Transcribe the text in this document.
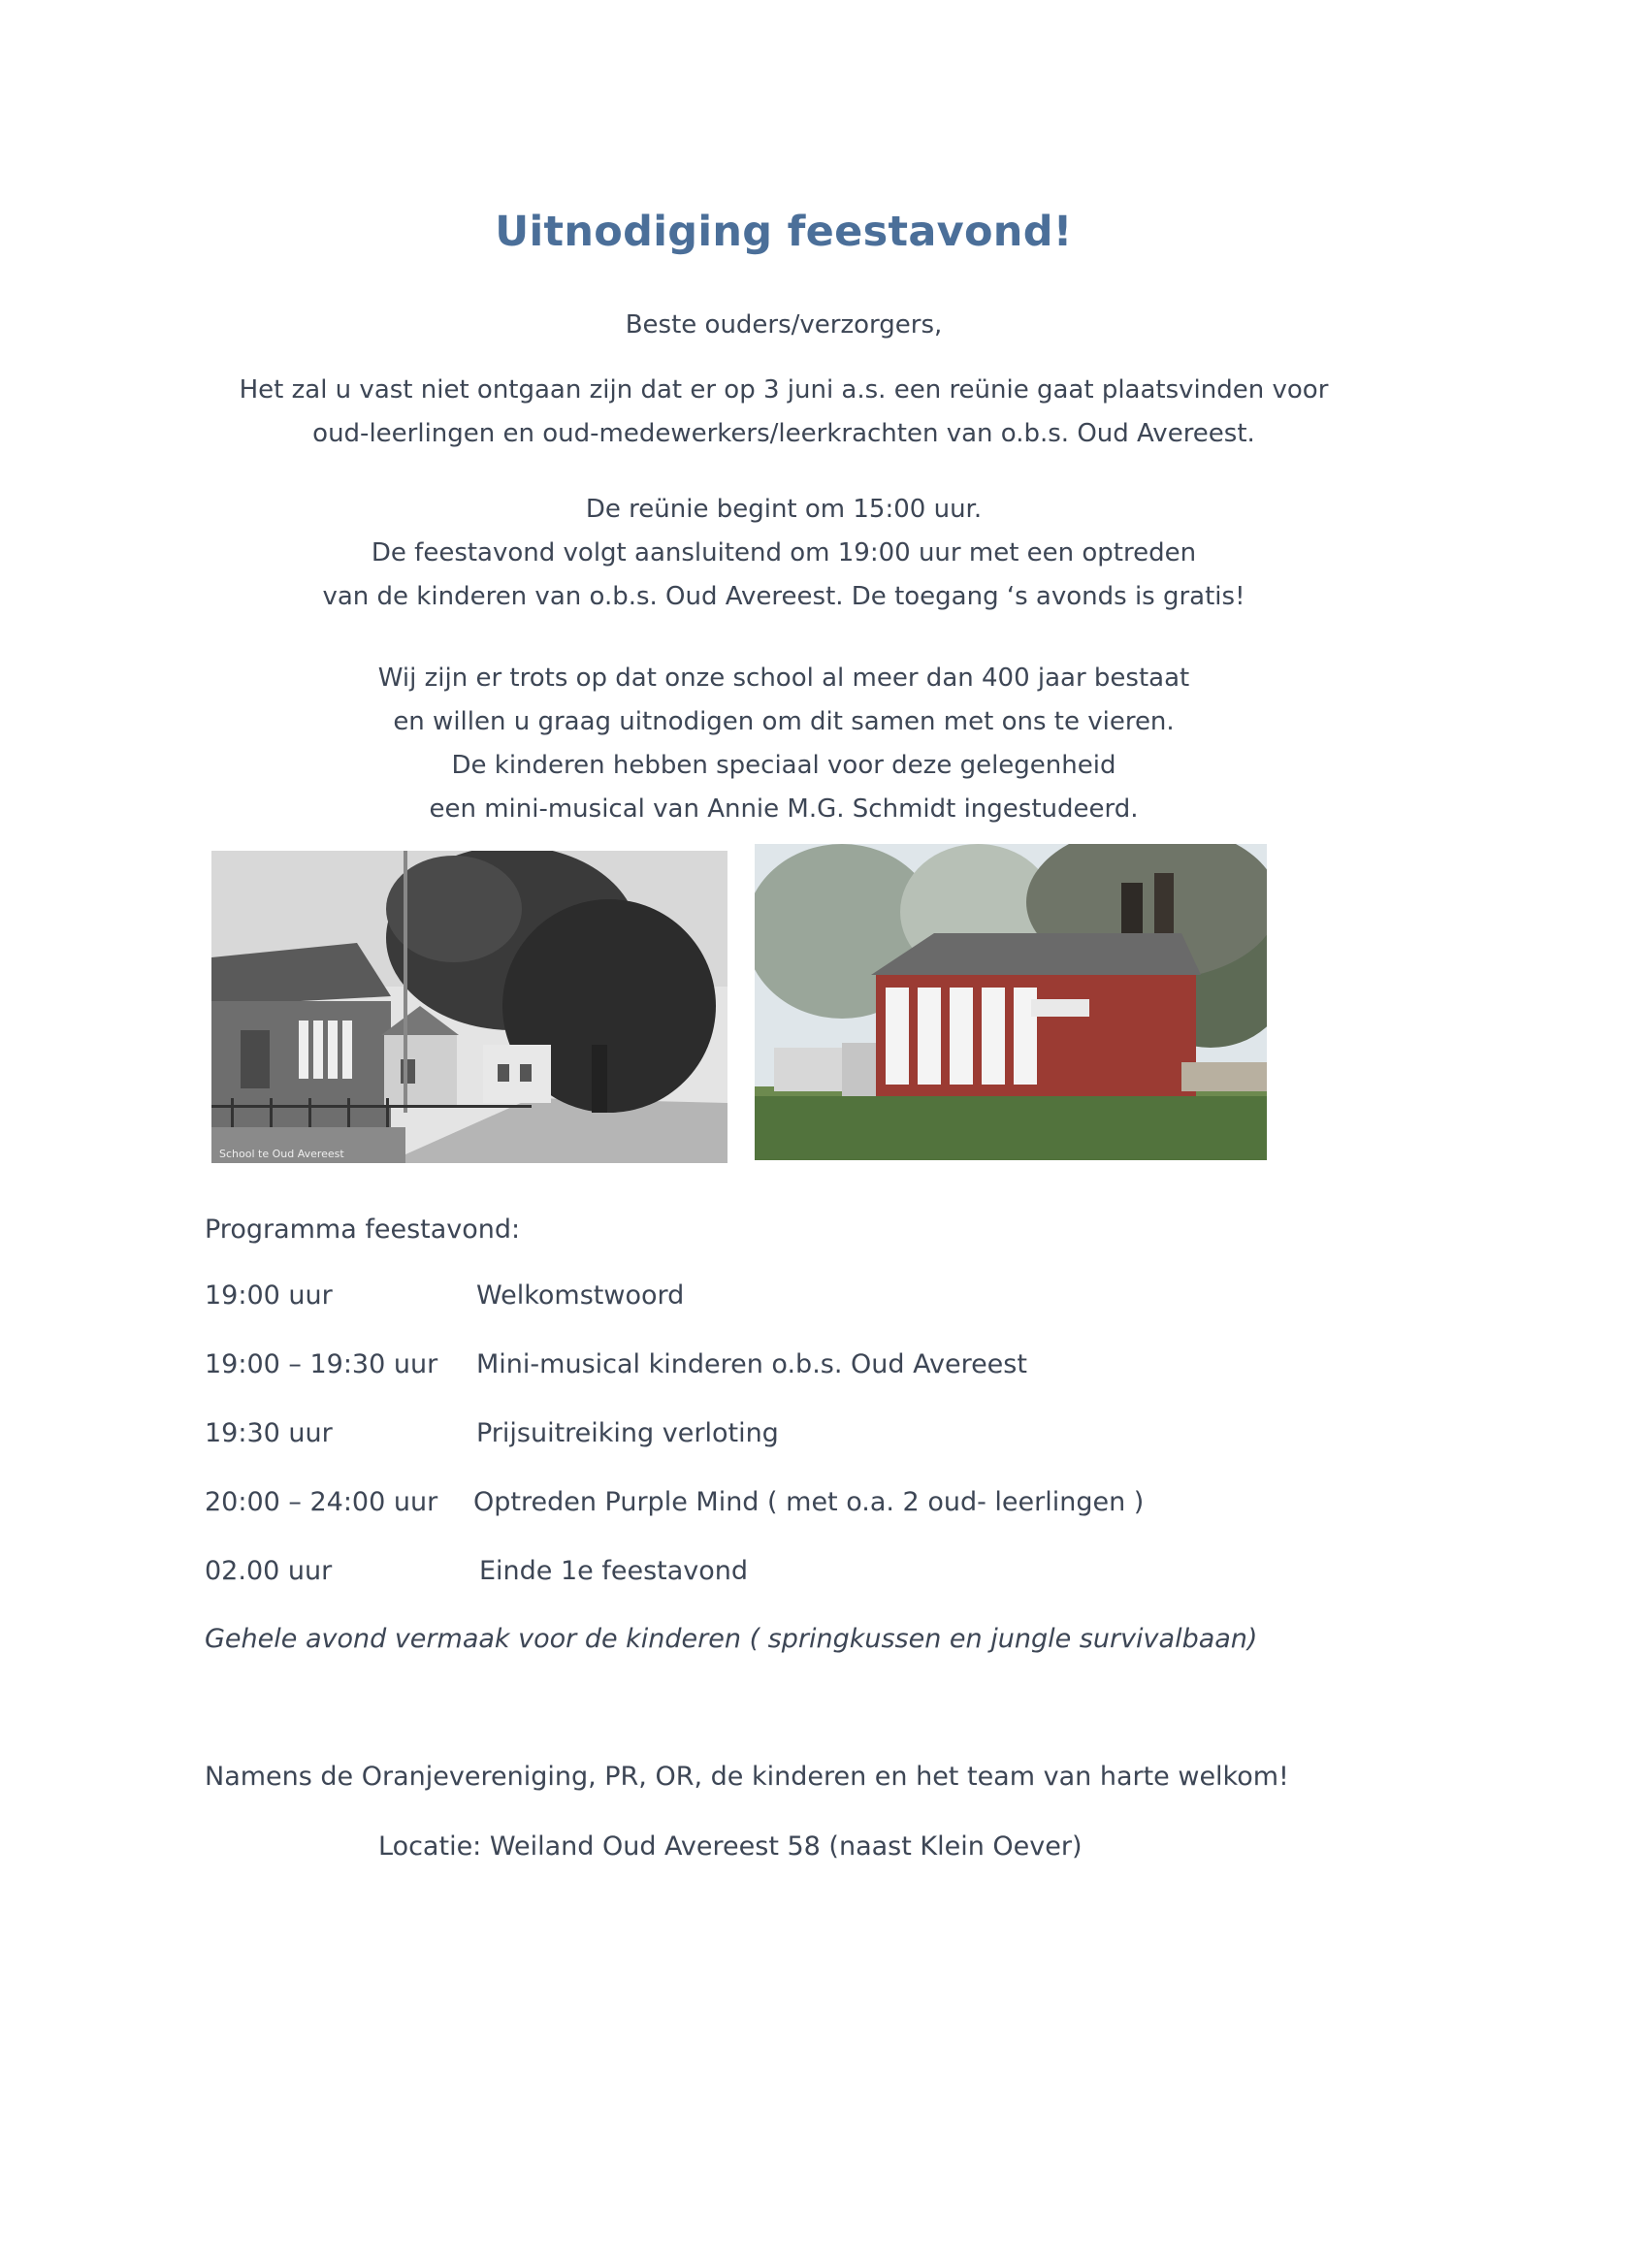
Uitnodiging feestavond!
Beste ouders/verzorgers,

Het zal u vast niet ontgaan zijn dat er op 3 juni a.s. een reünie gaat plaatsvinden voor

oud-leerlingen en oud-medewerkers/leerkrachten van o.b.s. Oud Avereest.

De reünie begint om 15:00 uur.

De feestavond volgt aansluitend om 19:00 uur met een optreden

van de kinderen van o.b.s. Oud Avereest. De toegang ‘s avonds is gratis!

Wij zijn er trots op dat onze school al meer dan 400 jaar bestaat

en willen u graag uitnodigen om dit samen met ons te vieren.

De kinderen hebben speciaal voor deze gelegenheid

een mini-musical van Annie M.G. Schmidt ingestudeerd.

School te Oud Avereest
Programma feestavond:
19:00 uur	Welkomstwoord
19:00 – 19:30 uur Mini-musical kinderen o.b.s. Oud Avereest
19:30 uur	Prijsuitreiking verloting
20:00 – 24:00 uur Optreden Purple Mind ( met o.a. 2 oud- leerlingen )
02.00 uur	Einde 1e feestavond
Gehele avond vermaak voor de kinderen ( springkussen en jungle survivalbaan)
Namens de Oranjevereniging, PR, OR, de kinderen en het team van harte welkom!
Locatie: Weiland Oud Avereest 58 (naast Klein Oever)
